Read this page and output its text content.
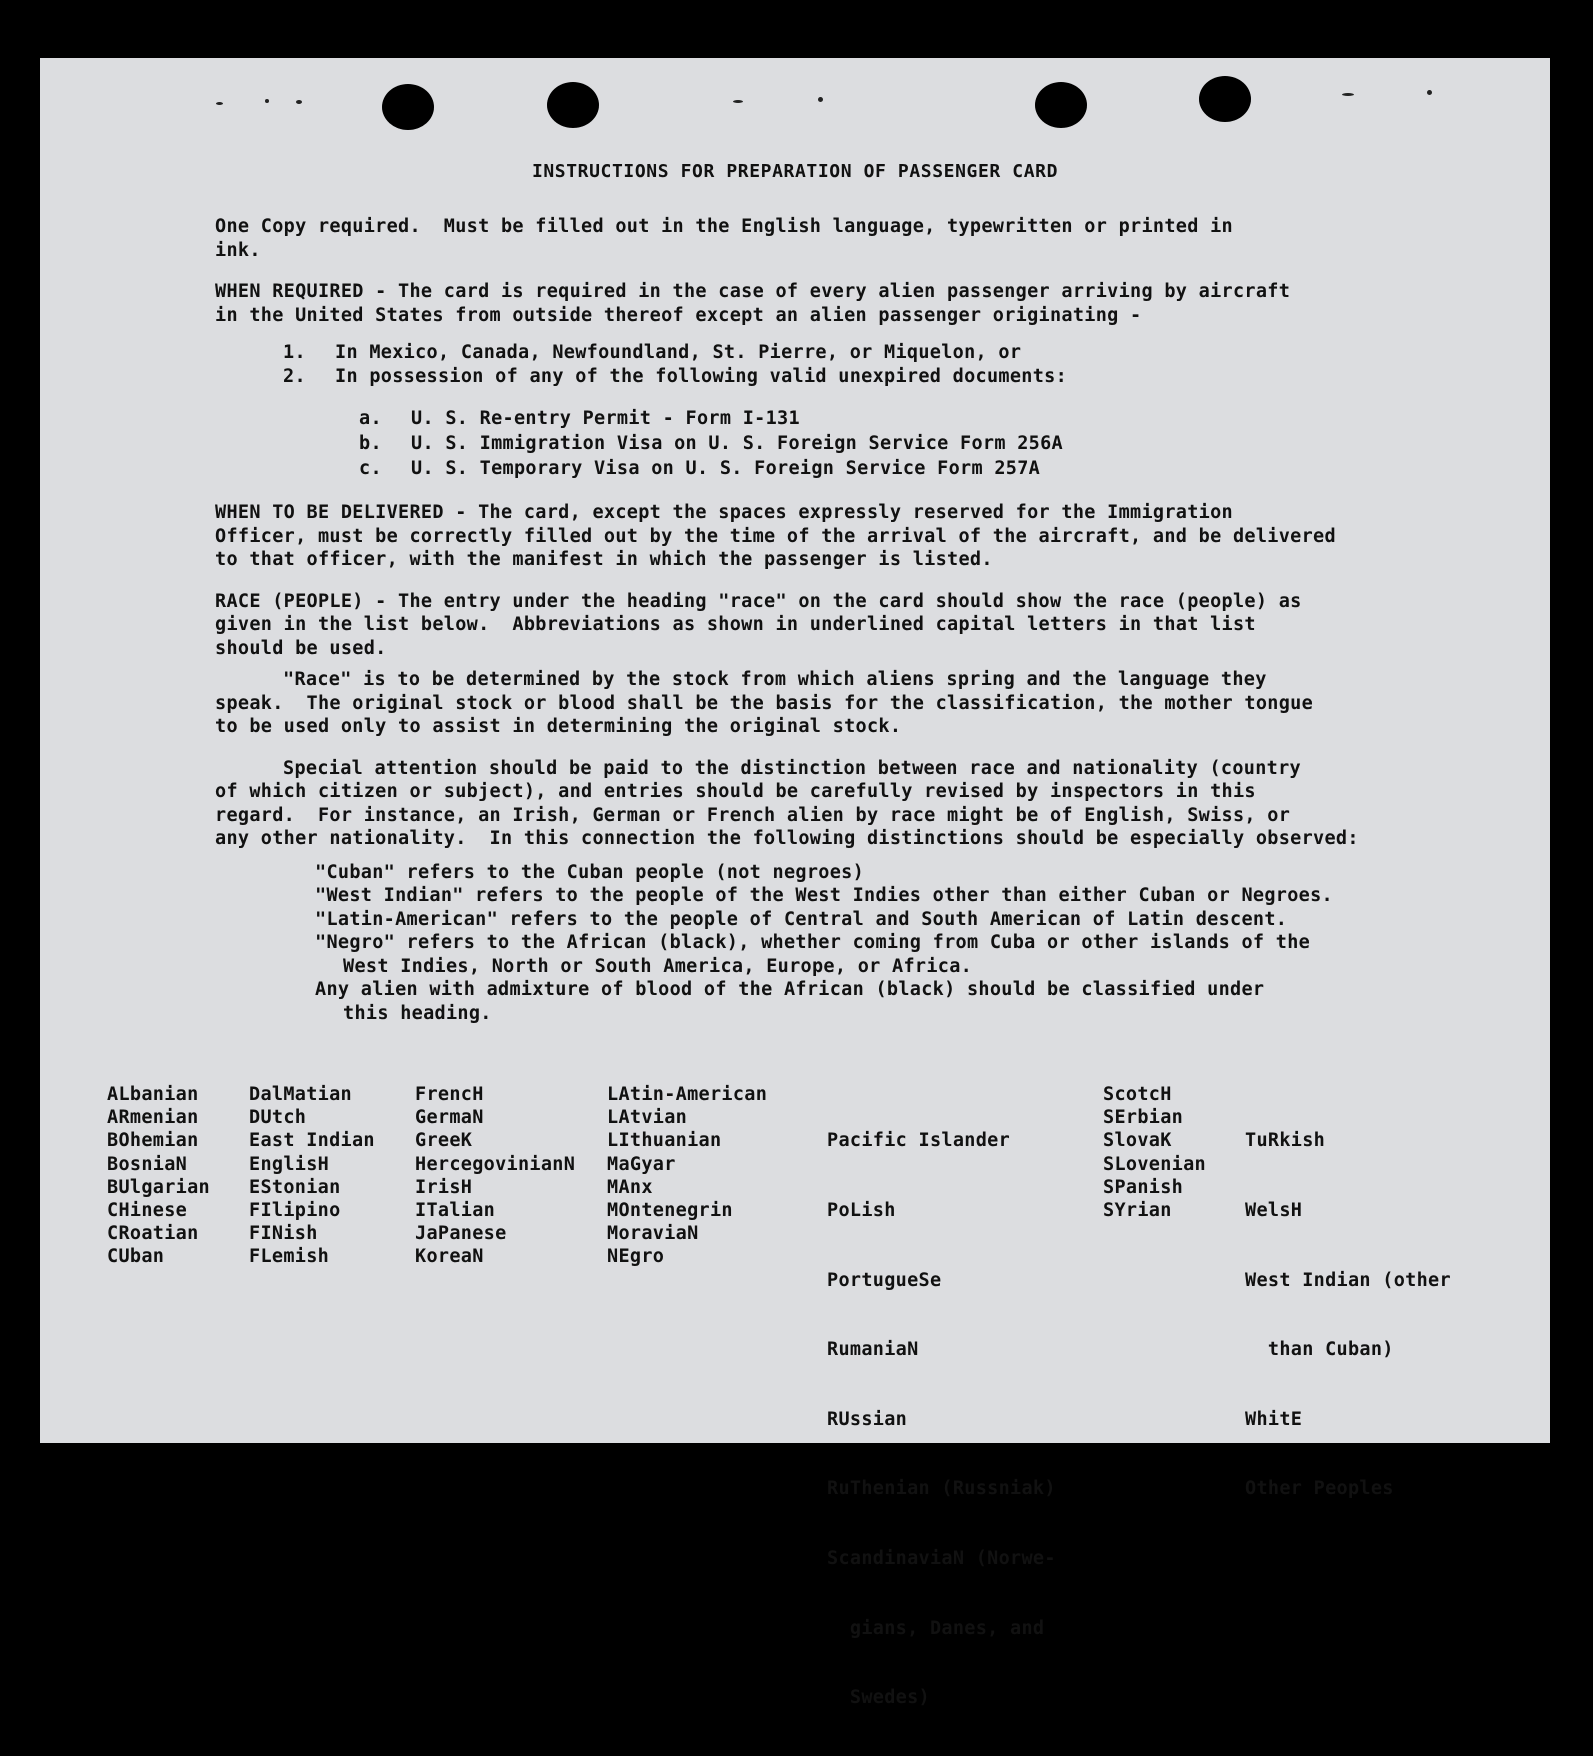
INSTRUCTIONS FOR PREPARATION OF PASSENGER CARD

One Copy required.  Must be filled out in the English language, typewritten or printed in
ink.

WHEN REQUIRED - The card is required in the case of every alien passenger arriving by aircraft
in the United States from outside thereof except an alien passenger originating -

1.	In Mexico, Canada, Newfoundland, St. Pierre, or Miquelon, or
2.	In possession of any of the following valid unexpired documents:
a.	U. S. Re-entry Permit - Form I-131
b.	U. S. Immigration Visa on U. S. Foreign Service Form 256A
c.	U. S. Temporary Visa on U. S. Foreign Service Form 257A

WHEN TO BE DELIVERED - The card, except the spaces expressly reserved for the Immigration
Officer, must be correctly filled out by the time of the arrival of the aircraft, and be delivered
to that officer, with the manifest in which the passenger is listed.

RACE (PEOPLE) - The entry under the heading "race" on the card should show the race (people) as
given in the list below.  Abbreviations as shown in underlined capital letters in that list
should be used.

"Race" is to be determined by the stock from which aliens spring and the language they
speak.  The original stock or blood shall be the basis for the classification, the mother tongue
to be used only to assist in determining the original stock.

Special attention should be paid to the distinction between race and nationality (country
of which citizen or subject), and entries should be carefully revised by inspectors in this
regard.  For instance, an Irish, German or French alien by race might be of English, Swiss, or
any other nationality.  In this connection the following distinctions should be especially observed:

"Cuban" refers to the Cuban people (not negroes)

"West Indian" refers to the people of the West Indies other than either Cuban or Negroes.

"Latin-American" refers to the people of Central and South American of Latin descent.

"Negro" refers to the African (black), whether coming from Cuba or other islands of the

West Indies, North or South America, Europe, or Africa.

Any alien with admixture of blood of the African (black) should be classified under

this heading.

ALbanian
ARmenian
BOhemian
BosniaN
BUlgarian
CHinese
CRoatian
CUban
DalMatian
DUtch
East Indian
EnglisH
EStonian
FIlipino
FINish
FLemish
FrencH
GermaN
GreeK
HercegovinianN
IrisH
ITalian
JaPanese
KoreaN
LAtin-American
LAtvian
LIthuanian
MaGyar
MAnx
MOntenegrin
MoraviaN
NEgro

Pacific Islander

PoLish

PortugueSe

RumaniaN

RUssian

RuThenian (Russniak)

ScandinaviaN (Norwe-

gians, Danes, and

Swedes)

ScotcH
SErbian
SlovaK
SLovenian
SPanish
SYrian

TuRkish

WelsH

West Indian (other

than Cuban)

WhitE

Other Peoples
